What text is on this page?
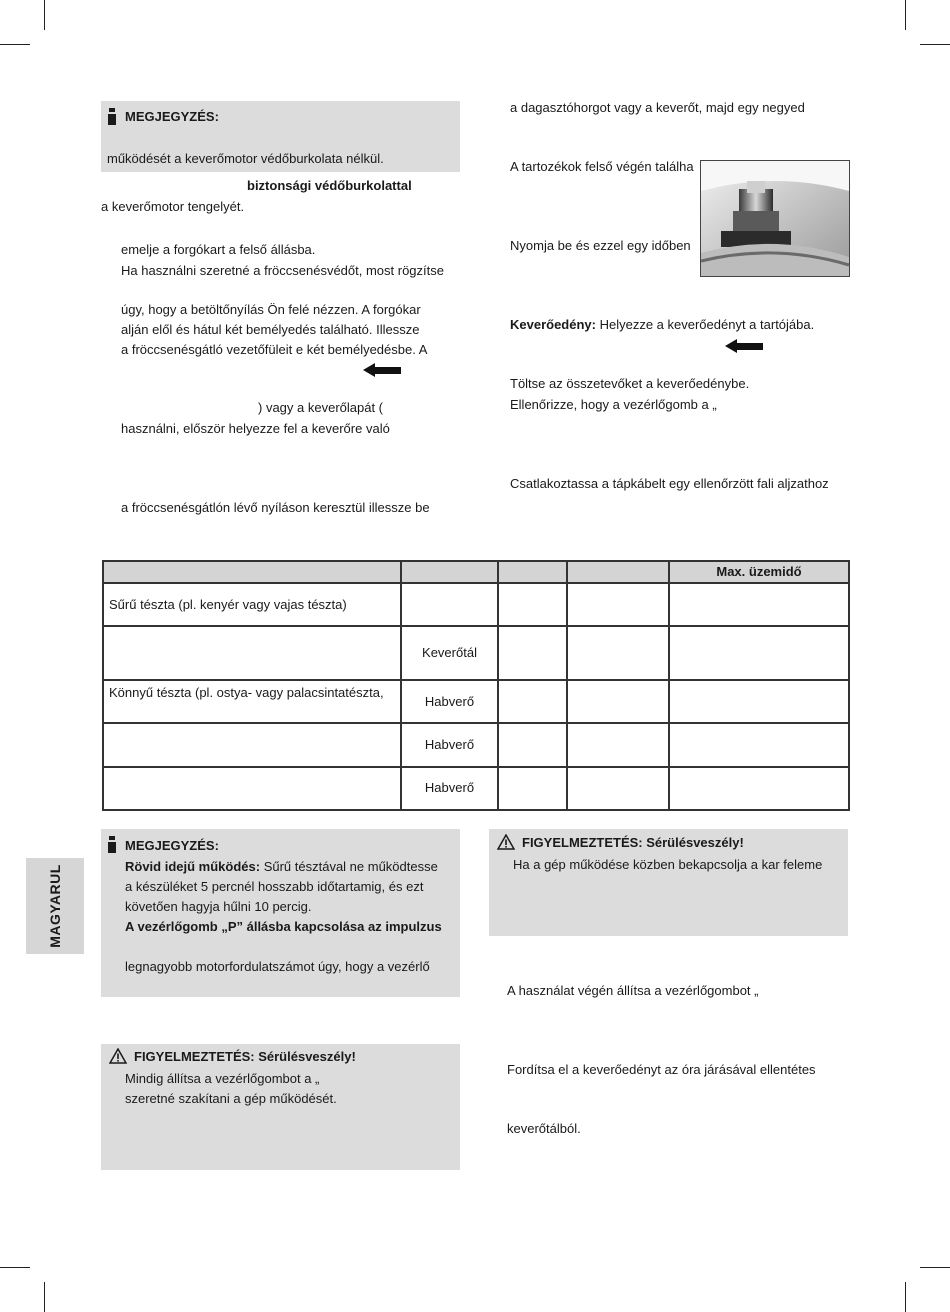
MEGJEGYZÉS:
működését a keverőmotor védőburkolata nélkül.
biztonsági védőburkolattal
a keverőmotor tengelyét.
emelje a forgókart a felső állásba.
Ha használni szeretné a fröccsenésvédőt, most rögzítse
úgy, hogy a betöltőnyílás Ön felé nézzen. A forgókar
alján elől és hátul két bemélyedés található. Illessze
a fröccsenésgátló vezetőfüleit e két bemélyedésbe. A
) vagy a keverőlapát (
használni, először helyezze fel a keverőre való
a fröccsenésgátlón lévő nyíláson keresztül illessze be
a dagasztóhorgot vagy a keverőt, majd egy negyed
A tartozékok felső végén találha
Nyomja be és ezzel egy időben
Keverőedény: Helyezze a keverőedényt a tartójába.
Töltse az összetevőket a keverőedénybe.
Ellenőrizze, hogy a vezérlőgomb a „
Csatlakoztassa a tápkábelt egy ellenőrzött fali aljzathoz
				Max. üzemidő
Sűrű tészta (pl. kenyér vagy vajas tészta)				
	Keverőtál			
Könnyű tészta (pl. ostya- vagy palacsintatészta,	Habverő			
	Habverő			
	Habverő			
MEGJEGYZÉS:
Rövid idejű működés: Sűrű tésztával ne működtesse
a készüléket 5 percnél hosszabb időtartamig, és ezt
követően hagyja hűlni 10 percig.
A vezérlőgomb „P” állásba kapcsolása az impulzus
legnagyobb motorfordulatszámot úgy, hogy a vezérlő
FIGYELMEZTETÉS: Sérülésveszély!
Mindig állítsa a vezérlőgombot a „
szeretné szakítani a gép működését.
FIGYELMEZTETÉS: Sérülésveszély!
Ha a gép működése közben bekapcsolja a kar feleme
A használat végén állítsa a vezérlőgombot „
Fordítsa el a keverőedényt az óra járásával ellentétes
keverőtálból.
MAGYARUL
